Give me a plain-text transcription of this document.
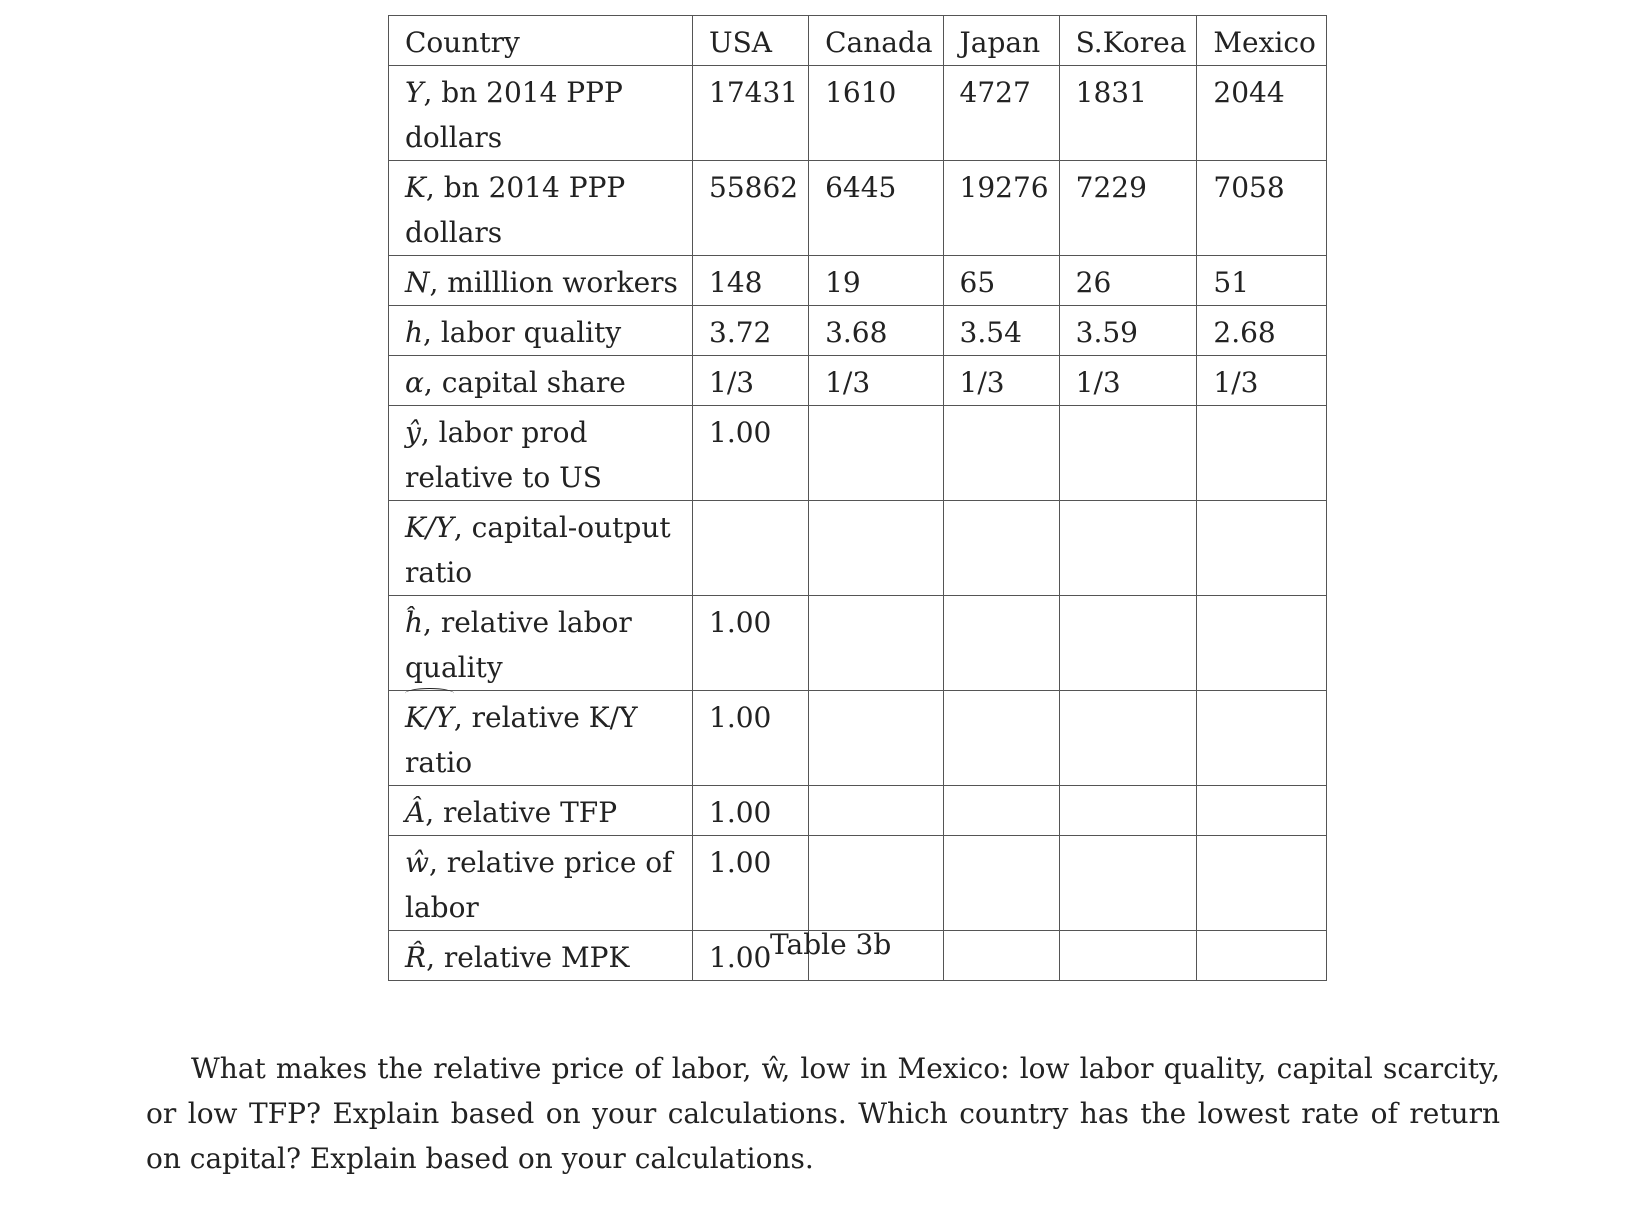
Country	USA	Canada	Japan	S.Korea	Mexico
Y, bn 2014 PPP dollars	17431	1610	4727	1831	2044
K, bn 2014 PPP dollars	55862	6445	19276	7229	7058
N, milllion workers	148	19	65	26	51
h, labor quality	3.72	3.68	3.54	3.59	2.68
α, capital share	1/3	1/3	1/3	1/3	1/3
ŷ, labor prod relative to US	1.00				
K/Y, capital-output ratio					
ĥ, relative labor quality	1.00				
K/Y, relative K/Y ratio	1.00				
Â, relative TFP	1.00				
ŵ, relative price of labor	1.00				
R̂, relative MPK	1.00				
Table 3b

What makes the relative price of labor, ŵ, low in Mexico: low labor quality, capital scarcity, or low TFP? Explain based on your calculations. Which country has the lowest rate of return on capital? Explain based on your calculations.
